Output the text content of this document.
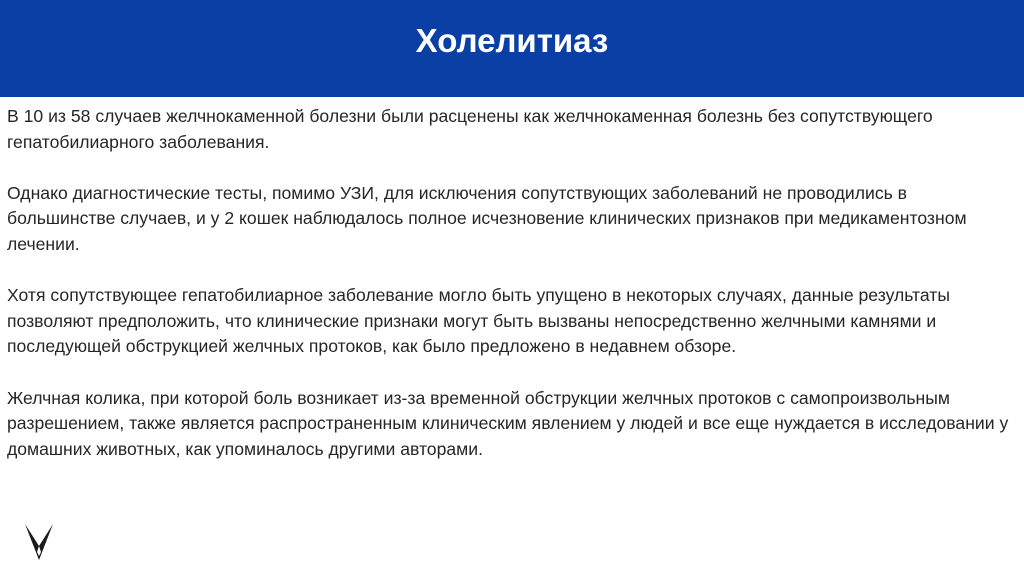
Холелитиаз

В 10 из 58 случаев желчнокаменной болезни были расценены как желчнокаменная болезнь без сопутствующего гепатобилиарного заболевания.

Однако диагностические тесты, помимо УЗИ, для исключения сопутствующих заболеваний не проводились в большинстве случаев, и у 2 кошек наблюдалось полное исчезновение клинических признаков при медикаментозном лечении.

Хотя сопутствующее гепатобилиарное заболевание могло быть упущено в некоторых случаях, данные результаты позволяют предположить, что клинические признаки могут быть вызваны непосредственно желчными камнями и последующей обструкцией желчных протоков, как было предложено в недавнем обзоре.

Желчная колика, при которой боль возникает из-за временной обструкции желчных протоков с самопроизвольным разрешением, также является распространенным клиническим явлением у людей и все еще нуждается в исследовании у домашних животных, как упоминалось другими авторами.
